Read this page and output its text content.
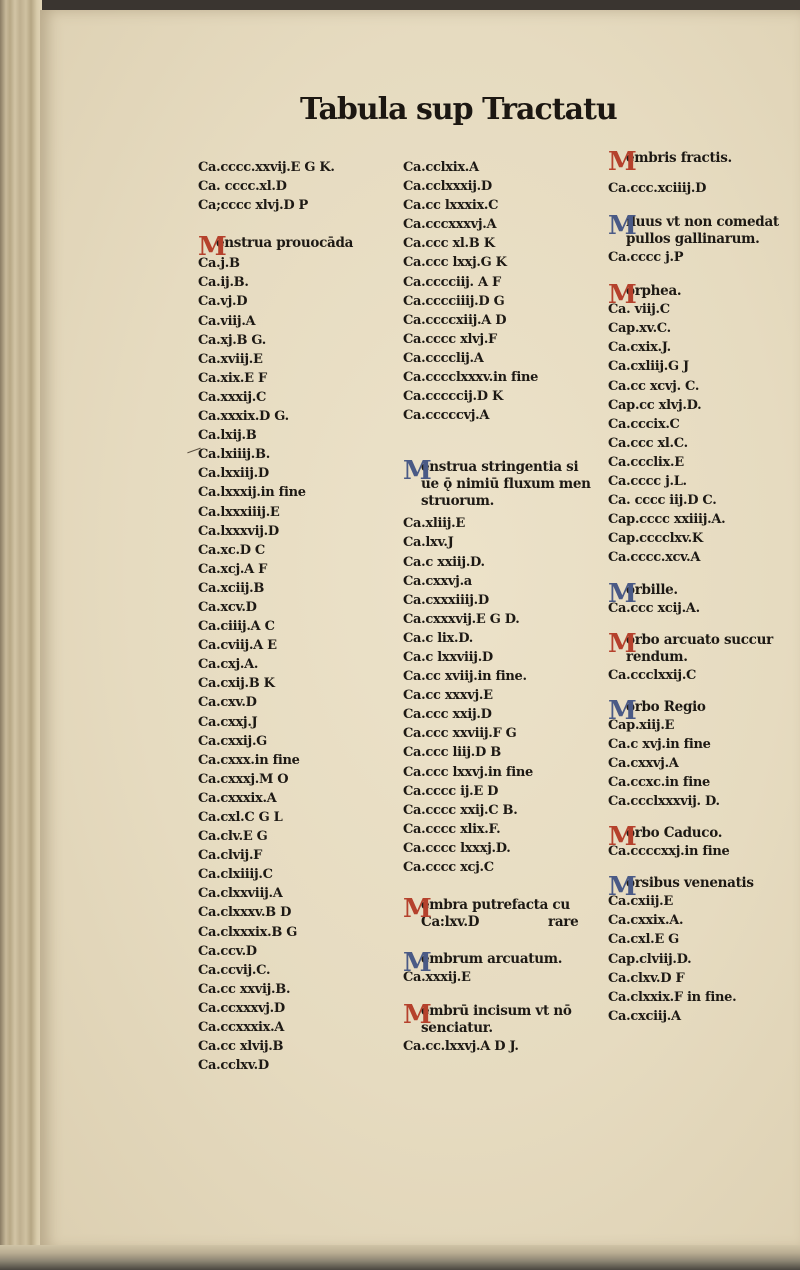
Tabula sup Tractatu
Ca.cccc.xxvij.E G K.
Ca. cccc.xl.D
Ca;cccc xlvj.D P
M
enstrua prouocāda
Ca.j.B
Ca.ij.B.
Ca.vj.D
Ca.viij.A
Ca.xj.B G.
Ca.xviij.E
Ca.xix.E F
Ca.xxxij.C
Ca.xxxix.D G.
Ca.lxij.B
Ca.lxiiij.B.
Ca.lxxiij.D
Ca.lxxxij.in fine
Ca.lxxxiiij.E
Ca.lxxxvij.D
Ca.xc.D C
Ca.xcj.A F
Ca.xciij.B
Ca.xcv.D
Ca.ciiij.A C
Ca.cviij.A E
Ca.cxj.A.
Ca.cxij.B K
Ca.cxv.D
Ca.cxxj.J
Ca.cxxij.G
Ca.cxxx.in fine
Ca.cxxxj.M O
Ca.cxxxix.A
Ca.cxl.C G L
Ca.clv.E G
Ca.clvij.F
Ca.clxiiij.C
Ca.clxxviij.A
Ca.clxxxv.B D
Ca.clxxxix.B G
Ca.ccv.D
Ca.ccvij.C.
Ca.cc xxvij.B.
Ca.ccxxxvj.D
Ca.ccxxxix.A
Ca.cc xlvij.B
Ca.cclxv.D
Ca.cclxix.A
Ca.cclxxxij.D
Ca.cc lxxxix.C
Ca.cccxxxvj.A
Ca.ccc xl.B K
Ca.ccc lxxj.G K
Ca.cccciij. A F
Ca.cccciiij.D G
Ca.ccccxiij.A D
Ca.cccc xlvj.F
Ca.cccclij.A
Ca.cccclxxxv.in fine
Ca.cccccij.D K
Ca.cccccvj.A
M
enstrua stringentia si
ue ǭ nimiū fluxum men
struorum.
Ca.xliij.E
Ca.lxv.J
Ca.c xxiij.D.
Ca.cxxvj.a
Ca.cxxxiiij.D
Ca.cxxxvij.E G D.
Ca.c lix.D.
Ca.c lxxviij.D
Ca.cc xviij.in fine.
Ca.cc xxxvj.E
Ca.ccc xxij.D
Ca.ccc xxviij.F G
Ca.ccc liij.D B
Ca.ccc lxxvj.in fine
Ca.cccc ij.E D
Ca.cccc xxij.C B.
Ca.cccc xlix.F.
Ca.cccc lxxxj.D.
Ca.cccc xcj.C
M
embra putrefacta cu
Ca:lxv.D	rare
M
embrum arcuatum.
Ca.xxxij.E
M
embrū incisum vt nō
senciatur.
Ca.cc.lxxvj.A D J.
M
embris fractis.
Ca.ccc.xciiij.D
M
iluus vt non comedat
pullos gallinarum.
Ca.cccc j.P
M
orphea.
Ca. viij.C
Cap.xv.C.
Ca.cxix.J.
Ca.cxliij.G J
Ca.cc xcvj. C.
Cap.cc xlvj.D.
Ca.cccix.C
Ca.ccc xl.C.
Ca.ccclix.E
Ca.cccc j.L.
Ca. cccc iij.D C.
Cap.cccc xxiiij.A.
Cap.cccclxv.K
Ca.cccc.xcv.A
M
orbille.
Ca.ccc xcij.A.
M
orbo arcuato succur
rendum.
Ca.ccclxxij.C
M
orbo Regio
Cap.xiij.E
Ca.c xvj.in fine
Ca.cxxvj.A
Ca.ccxc.in fine
Ca.ccclxxxvij. D.
M
orbo Caduco.
Ca.ccccxxj.in fine
M
orsibus venenatis
Ca.cxiij.E
Ca.cxxix.A.
Ca.cxl.E G
Cap.clviij.D.
Ca.clxv.D F
Ca.clxxix.F in fine.
Ca.cxciij.A
